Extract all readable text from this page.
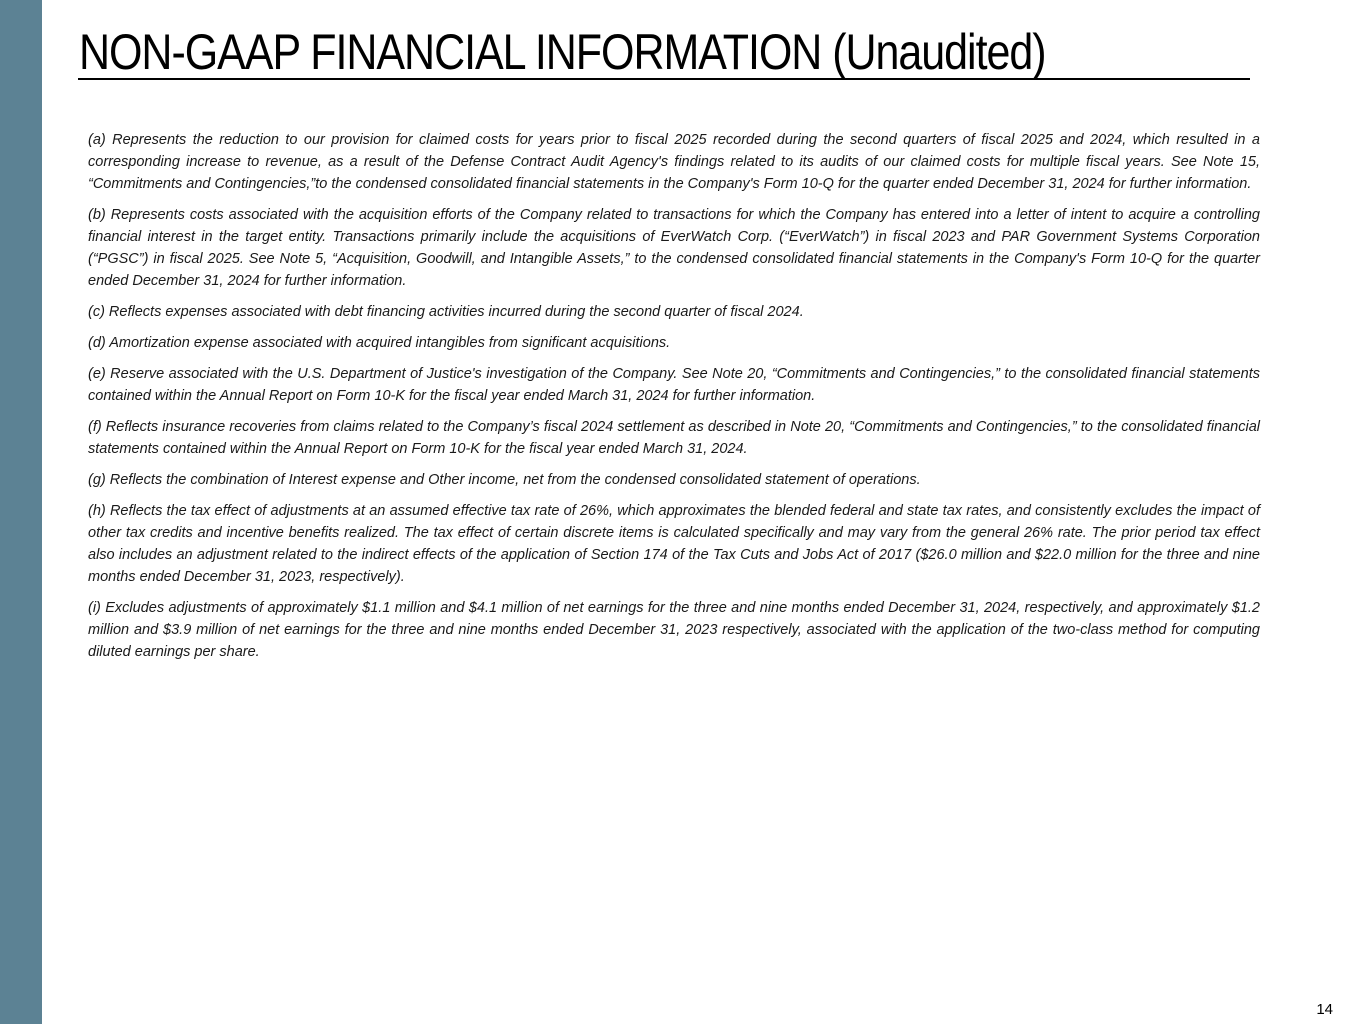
NON-GAAP FINANCIAL INFORMATION (Unaudited)

(a) Represents the reduction to our provision for claimed costs for years prior to fiscal 2025 recorded during the second quarters of fiscal 2025 and 2024, which resulted in a corresponding increase to revenue, as a result of the Defense Contract Audit Agency's findings related to its audits of our claimed costs for multiple fiscal years. See Note 15, “Commitments and Contingencies,”to the condensed consolidated financial statements in the Company's Form 10-Q for the quarter ended December 31, 2024 for further information.

(b) Represents costs associated with the acquisition efforts of the Company related to transactions for which the Company has entered into a letter of intent to acquire a controlling financial interest in the target entity. Transactions primarily include the acquisitions of EverWatch Corp. (“EverWatch”) in fiscal 2023 and PAR Government Systems Corporation (“PGSC”) in fiscal 2025. See Note 5, “Acquisition, Goodwill, and Intangible Assets,” to the condensed consolidated financial statements in the Company's Form 10-Q for the quarter ended December 31, 2024 for further information.

(c) Reflects expenses associated with debt financing activities incurred during the second quarter of fiscal 2024.

(d) Amortization expense associated with acquired intangibles from significant acquisitions.

(e) Reserve associated with the U.S. Department of Justice's investigation of the Company. See Note 20, “Commitments and Contingencies,” to the consolidated financial statements contained within the Annual Report on Form 10-K for the fiscal year ended March 31, 2024 for further information.

(f) Reflects insurance recoveries from claims related to the Company’s fiscal 2024 settlement as described in Note 20, “Commitments and Contingencies,” to the consolidated financial statements contained within the Annual Report on Form 10-K for the fiscal year ended March 31, 2024.

(g) Reflects the combination of Interest expense and Other income, net from the condensed consolidated statement of operations.

(h) Reflects the tax effect of adjustments at an assumed effective tax rate of 26%, which approximates the blended federal and state tax rates, and consistently excludes the impact of other tax credits and incentive benefits realized. The tax effect of certain discrete items is calculated specifically and may vary from the general 26% rate. The prior period tax effect also includes an adjustment related to the indirect effects of the application of Section 174 of the Tax Cuts and Jobs Act of 2017 ($26.0 million and $22.0 million for the three and nine months ended December 31, 2023, respectively).

(i) Excludes adjustments of approximately $1.1 million and $4.1 million of net earnings for the three and nine months ended December 31, 2024, respectively, and approximately $1.2 million and $3.9 million of net earnings for the three and nine months ended December 31, 2023 respectively, associated with the application of the two-class method for computing diluted earnings per share.

14
